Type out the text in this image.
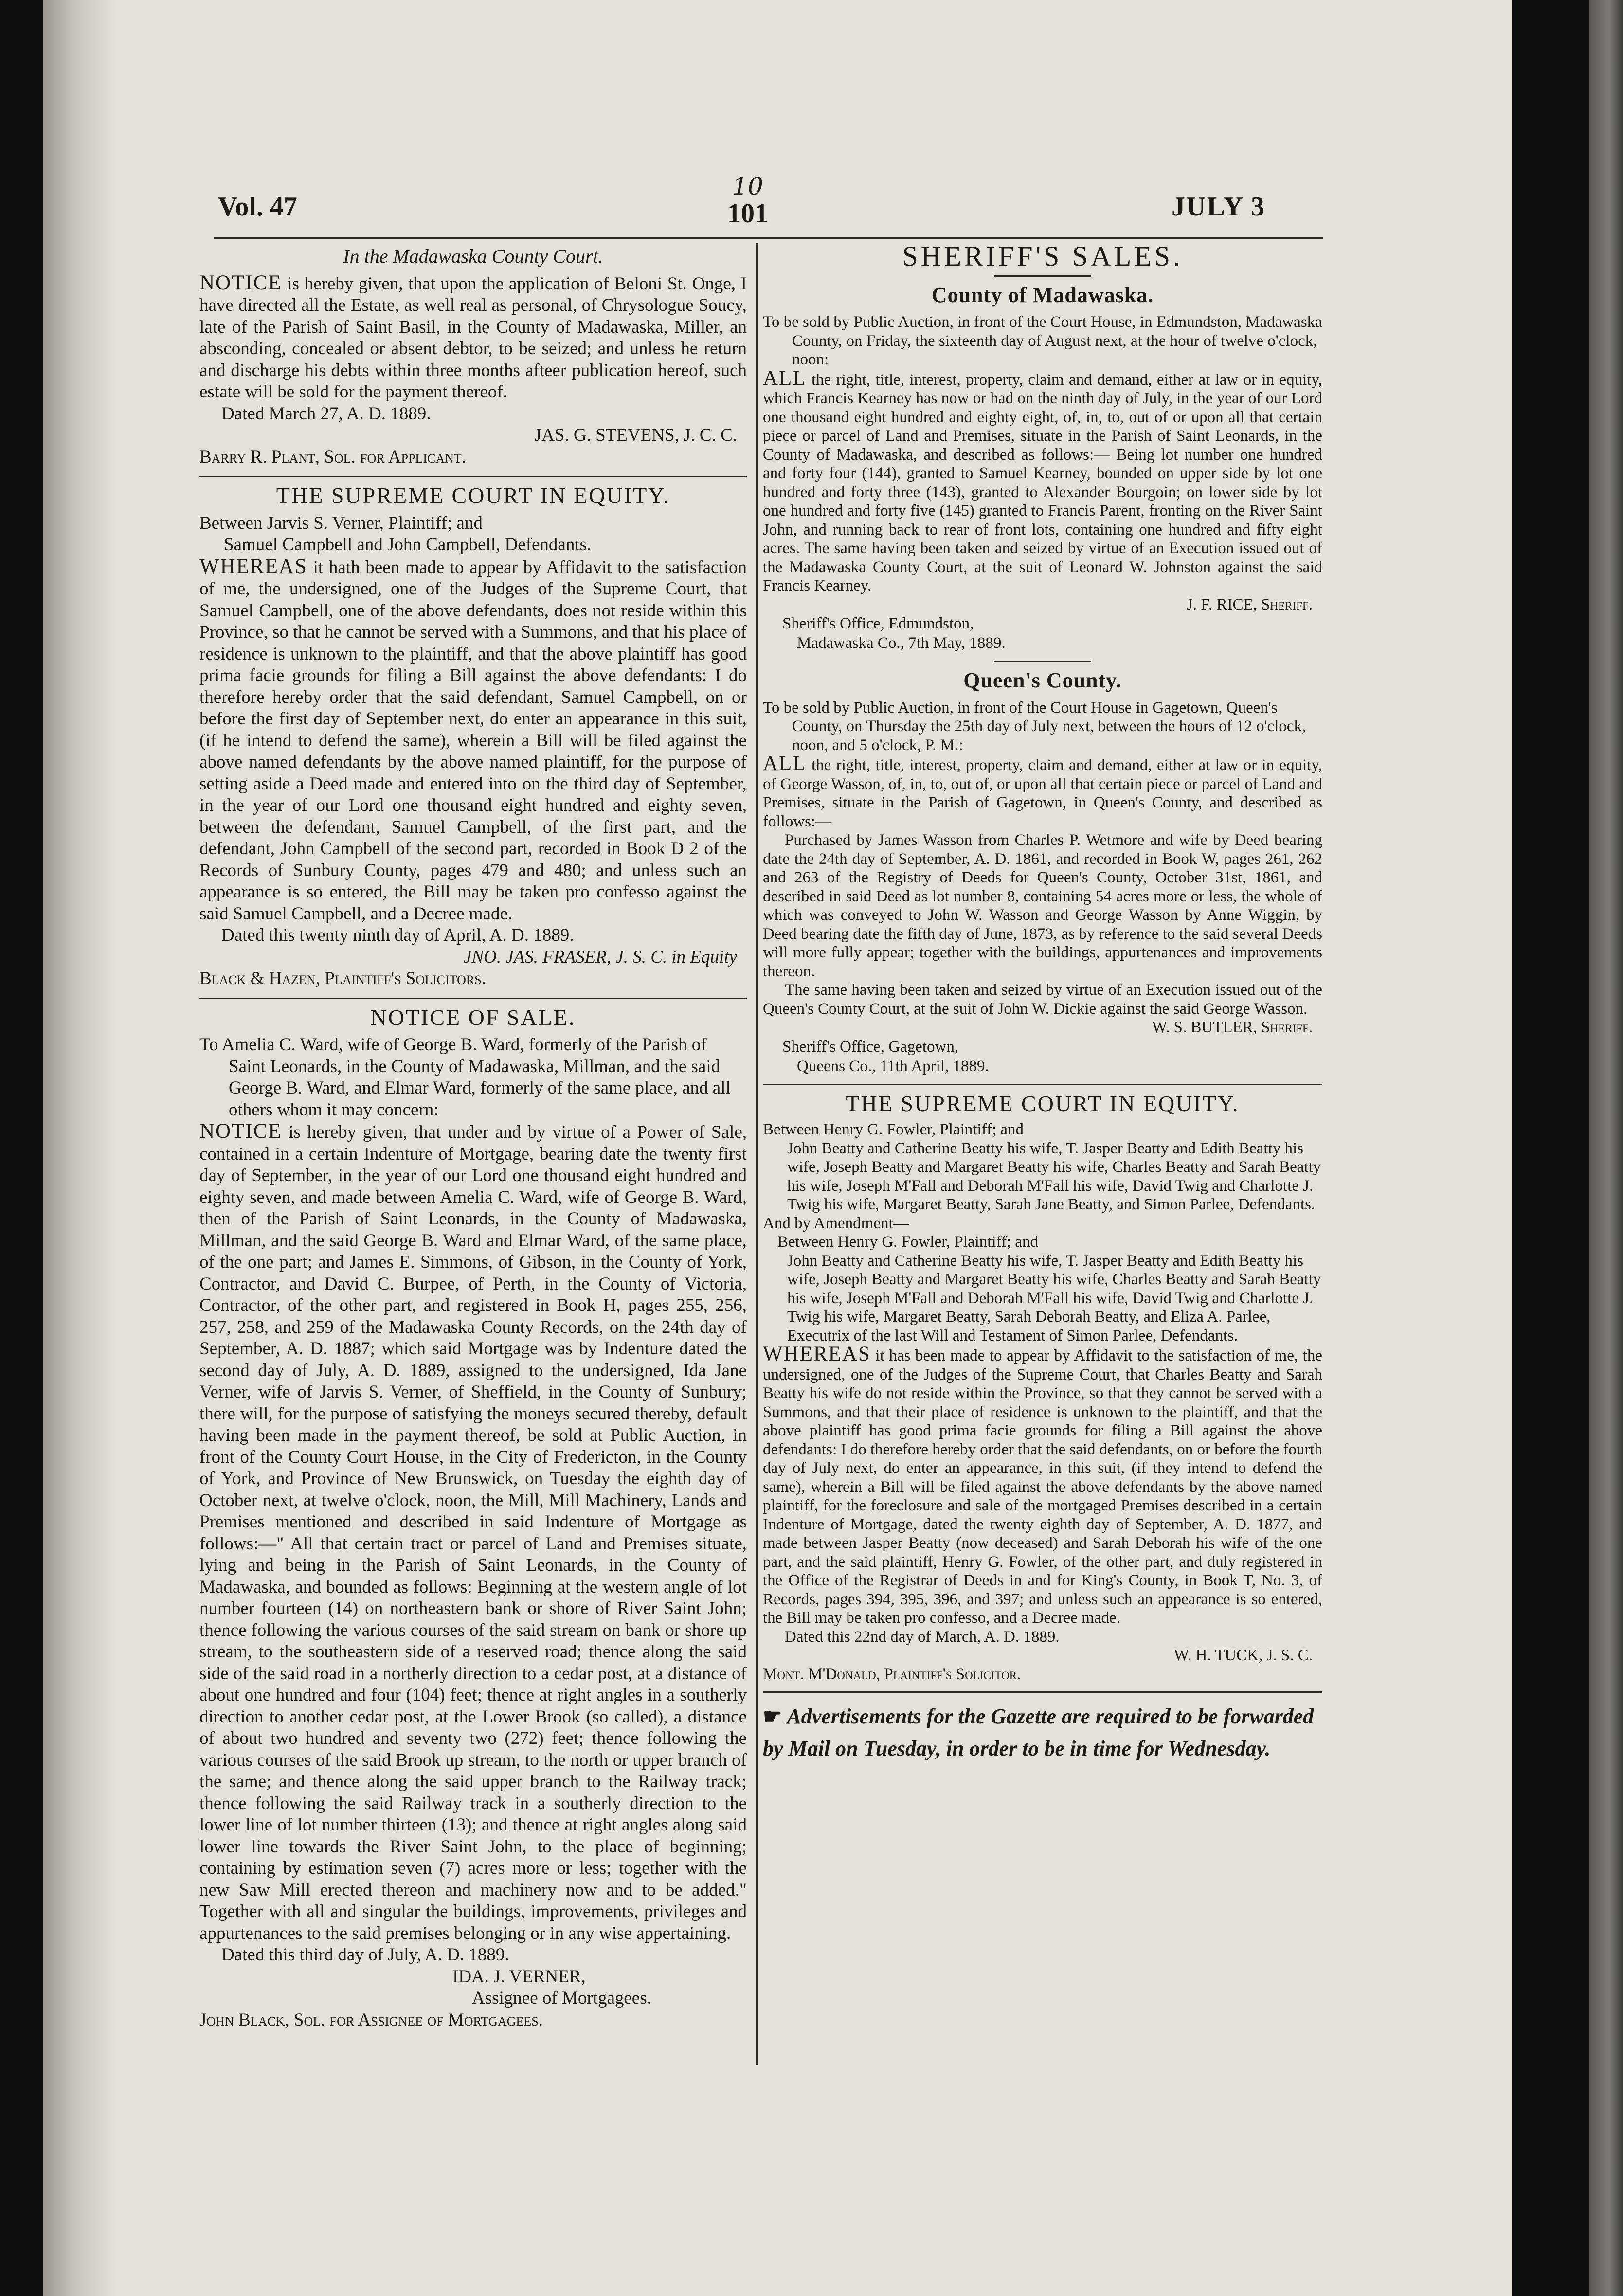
Vol. 47
10
101	JULY 3
In the Madawaska County Court.

NOTICE is hereby given, that upon the application of Beloni St. Onge, I have directed all the Estate, as well real as personal, of Chrysologue Soucy, late of the Parish of Saint Basil, in the County of Madawaska, Miller, an absconding, concealed or absent debtor, to be seized; and unless he return and discharge his debts within three months afteer publication hereof, such estate will be sold for the payment thereof.

Dated March 27, A. D. 1889.
JAS. G. STEVENS, J. C. C.
Barry R. Plant, Sol. for Applicant.
THE SUPREME COURT IN EQUITY.
Between Jarvis S. Verner, Plaintiff; and
Samuel Campbell and John Campbell, Defendants.

WHEREAS it hath been made to appear by Affidavit to the satisfaction of me, the undersigned, one of the Judges of the Supreme Court, that Samuel Campbell, one of the above defendants, does not reside within this Province, so that he cannot be served with a Summons, and that his place of residence is unknown to the plaintiff, and that the above plaintiff has good prima facie grounds for filing a Bill against the above defendants: I do therefore hereby order that the said defendant, Samuel Campbell, on or before the first day of September next, do enter an appearance in this suit, (if he intend to defend the same), wherein a Bill will be filed against the above named defendants by the above named plaintiff, for the purpose of setting aside a Deed made and entered into on the third day of September, in the year of our Lord one thousand eight hundred and eighty seven, between the defendant, Samuel Campbell, of the first part, and the defendant, John Campbell of the second part, recorded in Book D 2 of the Records of Sunbury County, pages 479 and 480; and unless such an appearance is so entered, the Bill may be taken pro confesso against the said Samuel Campbell, and a Decree made.

Dated this twenty ninth day of April, A. D. 1889.
JNO. JAS. FRASER, J. S. C. in Equity
Black & Hazen, Plaintiff's Solicitors.
NOTICE OF SALE.
To Amelia C. Ward, wife of George B. Ward, formerly of the Parish of Saint Leonards, in the County of Madawaska, Millman, and the said George B. Ward, and Elmar Ward, formerly of the same place, and all others whom it may concern:

NOTICE is hereby given, that under and by virtue of a Power of Sale, contained in a certain Indenture of Mortgage, bearing date the twenty first day of September, in the year of our Lord one thousand eight hundred and eighty seven, and made between Amelia C. Ward, wife of George B. Ward, then of the Parish of Saint Leonards, in the County of Madawaska, Millman, and the said George B. Ward and Elmar Ward, of the same place, of the one part; and James E. Simmons, of Gibson, in the County of York, Contractor, and David C. Burpee, of Perth, in the County of Victoria, Contractor, of the other part, and registered in Book H, pages 255, 256, 257, 258, and 259 of the Madawaska County Records, on the 24th day of September, A. D. 1887; which said Mortgage was by Indenture dated the second day of July, A. D. 1889, assigned to the undersigned, Ida Jane Verner, wife of Jarvis S. Verner, of Sheffield, in the County of Sunbury; there will, for the purpose of satisfying the moneys secured thereby, default having been made in the payment thereof, be sold at Public Auction, in front of the County Court House, in the City of Fredericton, in the County of York, and Province of New Brunswick, on Tuesday the eighth day of October next, at twelve o'clock, noon, the Mill, Mill Machinery, Lands and Premises mentioned and described in said Indenture of Mortgage as follows:—" All that certain tract or parcel of Land and Premises situate, lying and being in the Parish of Saint Leonards, in the County of Madawaska, and bounded as follows: Beginning at the western angle of lot number fourteen (14) on northeastern bank or shore of River Saint John; thence following the various courses of the said stream on bank or shore up stream, to the southeastern side of a reserved road; thence along the said side of the said road in a northerly direction to a cedar post, at a distance of about one hundred and four (104) feet; thence at right angles in a southerly direction to another cedar post, at the Lower Brook (so called), a distance of about two hundred and seventy two (272) feet; thence following the various courses of the said Brook up stream, to the north or upper branch of the same; and thence along the said upper branch to the Railway track; thence following the said Railway track in a southerly direction to the lower line of lot number thirteen (13); and thence at right angles along said lower line towards the River Saint John, to the place of beginning; containing by estimation seven (7) acres more or less; together with the new Saw Mill erected thereon and machinery now and to be added." Together with all and singular the buildings, improvements, privileges and appurtenances to the said premises belonging or in any wise appertaining.

Dated this third day of July, A. D. 1889.
IDA. J. VERNER,
Assignee of Mortgagees.
John Black, Sol. for Assignee of Mortgagees.
SHERIFF'S SALES.
County of Madawaska.
To be sold by Public Auction, in front of the Court House, in Edmundston, Madawaska County, on Friday, the sixteenth day of August next, at the hour of twelve o'clock, noon:

ALL the right, title, interest, property, claim and demand, either at law or in equity, which Francis Kearney has now or had on the ninth day of July, in the year of our Lord one thousand eight hundred and eighty eight, of, in, to, out of or upon all that certain piece or parcel of Land and Premises, situate in the Parish of Saint Leonards, in the County of Madawaska, and described as follows:— Being lot number one hundred and forty four (144), granted to Samuel Kearney, bounded on upper side by lot one hundred and forty three (143), granted to Alexander Bourgoin; on lower side by lot one hundred and forty five (145) granted to Francis Parent, fronting on the River Saint John, and running back to rear of front lots, containing one hundred and fifty eight acres. The same having been taken and seized by virtue of an Execution issued out of the Madawaska County Court, at the suit of Leonard W. Johnston against the said Francis Kearney.

J. F. RICE, Sheriff.
Sheriff's Office, Edmundston,
Madawaska Co., 7th May, 1889.
Queen's County.
To be sold by Public Auction, in front of the Court House in Gagetown, Queen's County, on Thursday the 25th day of July next, between the hours of 12 o'clock, noon, and 5 o'clock, P. M.:

ALL the right, title, interest, property, claim and demand, either at law or in equity, of George Wasson, of, in, to, out of, or upon all that certain piece or parcel of Land and Premises, situate in the Parish of Gagetown, in Queen's County, and described as follows:—

Purchased by James Wasson from Charles P. Wetmore and wife by Deed bearing date the 24th day of September, A. D. 1861, and recorded in Book W, pages 261, 262 and 263 of the Registry of Deeds for Queen's County, October 31st, 1861, and described in said Deed as lot number 8, containing 54 acres more or less, the whole of which was conveyed to John W. Wasson and George Wasson by Anne Wiggin, by Deed bearing date the fifth day of June, 1873, as by reference to the said several Deeds will more fully appear; together with the buildings, appurtenances and improvements thereon.

The same having been taken and seized by virtue of an Execution issued out of the Queen's County Court, at the suit of John W. Dickie against the said George Wasson.

W. S. BUTLER, Sheriff.
Sheriff's Office, Gagetown,
Queens Co., 11th April, 1889.
THE SUPREME COURT IN EQUITY.
Between Henry G. Fowler, Plaintiff; and
John Beatty and Catherine Beatty his wife, T. Jasper Beatty and Edith Beatty his wife, Joseph Beatty and Margaret Beatty his wife, Charles Beatty and Sarah Beatty his wife, Joseph M'Fall and Deborah M'Fall his wife, David Twig and Charlotte J. Twig his wife, Margaret Beatty, Sarah Jane Beatty, and Simon Parlee, Defendants.
And by Amendment—
Between Henry G. Fowler, Plaintiff; and
John Beatty and Catherine Beatty his wife, T. Jasper Beatty and Edith Beatty his wife, Joseph Beatty and Margaret Beatty his wife, Charles Beatty and Sarah Beatty his wife, Joseph M'Fall and Deborah M'Fall his wife, David Twig and Charlotte J. Twig his wife, Margaret Beatty, Sarah Deborah Beatty, and Eliza A. Parlee, Executrix of the last Will and Testament of Simon Parlee, Defendants.

WHEREAS it has been made to appear by Affidavit to the satisfaction of me, the undersigned, one of the Judges of the Supreme Court, that Charles Beatty and Sarah Beatty his wife do not reside within the Province, so that they cannot be served with a Summons, and that their place of residence is unknown to the plaintiff, and that the above plaintiff has good prima facie grounds for filing a Bill against the above defendants: I do therefore hereby order that the said defendants, on or before the fourth day of July next, do enter an appearance, in this suit, (if they intend to defend the same), wherein a Bill will be filed against the above defendants by the above named plaintiff, for the foreclosure and sale of the mortgaged Premises described in a certain Indenture of Mortgage, dated the twenty eighth day of September, A. D. 1877, and made between Jasper Beatty (now deceased) and Sarah Deborah his wife of the one part, and the said plaintiff, Henry G. Fowler, of the other part, and duly registered in the Office of the Registrar of Deeds in and for King's County, in Book T, No. 3, of Records, pages 394, 395, 396, and 397; and unless such an appearance is so entered, the Bill may be taken pro confesso, and a Decree made.

Dated this 22nd day of March, A. D. 1889.
W. H. TUCK, J. S. C.
Mont. M'Donald, Plaintiff's Solicitor.
☛ Advertisements for the Gazette are required to be forwarded by Mail on Tuesday, in order to be in time for Wednesday.
